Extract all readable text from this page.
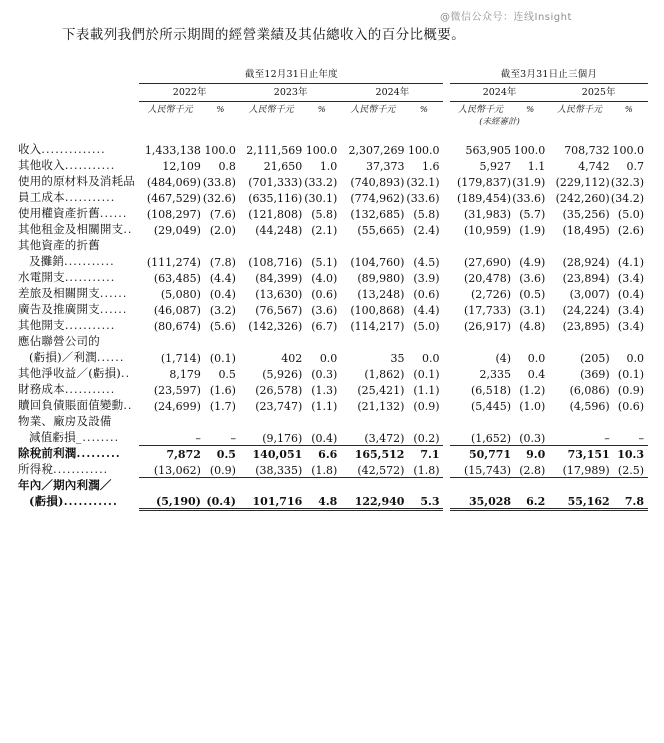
@微信公众号：连线Insight
下表載列我們於所示期間的經營業績及其佔總收入的百分比概要。
	截至12月31日止年度							截至3月31日止三個月			

	2022年		2023年		2024年			2024年		2025年	

	人民幣千元	%	人民幣千元	%	人民幣千元	%		人民幣千元	%	人民幣千元	%
								(未經審計)			

收入..............	1,433,138	100.0	2,111,569	100.0	2,307,269	100.0		563,905	100.0	708,732	100.0
其他收入...........	12,109	0.8	21,650	1.0	37,373	1.6		5,927	1.1	4,742	0.7
使用的原材料及消耗品	(484,069)	(33.8)	(701,333)	(33.2)	(740,893)	(32.1)		(179,837)	(31.9)	(229,112)	(32.3)
員工成本...........	(467,529)	(32.6)	(635,116)	(30.1)	(774,962)	(33.6)		(189,454)	(33.6)	(242,260)	(34.2)
使用權資產折舊......	(108,297)	(7.6)	(121,808)	(5.8)	(132,685)	(5.8)		(31,983)	(5.7)	(35,256)	(5.0)
其他租金及相關開支..	(29,049)	(2.0)	(44,248)	(2.1)	(55,665)	(2.4)		(10,959)	(1.9)	(18,495)	(2.6)
其他資產的折舊											
及攤銷...........	(111,274)	(7.8)	(108,716)	(5.1)	(104,760)	(4.5)		(27,690)	(4.9)	(28,924)	(4.1)
水電開支...........	(63,485)	(4.4)	(84,399)	(4.0)	(89,980)	(3.9)		(20,478)	(3.6)	(23,894)	(3.4)
差旅及相關開支......	(5,080)	(0.4)	(13,630)	(0.6)	(13,248)	(0.6)		(2,726)	(0.5)	(3,007)	(0.4)
廣告及推廣開支......	(46,087)	(3.2)	(76,567)	(3.6)	(100,868)	(4.4)		(17,733)	(3.1)	(24,224)	(3.4)
其他開支...........	(80,674)	(5.6)	(142,326)	(6.7)	(114,217)	(5.0)		(26,917)	(4.8)	(23,895)	(3.4)
應佔聯營公司的											
(虧損)／利潤......	(1,714)	(0.1)	402	0.0	35	0.0		(4)	0.0	(205)	0.0
其他淨收益／(虧損)..	8,179	0.5	(5,926)	(0.3)	(1,862)	(0.1)		2,335	0.4	(369)	(0.1)
財務成本...........	(23,597)	(1.6)	(26,578)	(1.3)	(25,421)	(1.1)		(6,518)	(1.2)	(6,086)	(0.9)
贖回負債賬面值變動..	(24,699)	(1.7)	(23,747)	(1.1)	(21,132)	(0.9)		(5,445)	(1.0)	(4,596)	(0.6)
物業、廠房及設備											
減值虧損_........	–	–	(9,176)	(0.4)	(3,472)	(0.2)		(1,652)	(0.3)	–	–
除稅前利潤.........	7,872	0.5	140,051	6.6	165,512	7.1		50,771	9.0	73,151	10.3
所得稅............	(13,062)	(0.9)	(38,335)	(1.8)	(42,572)	(1.8)		(15,743)	(2.8)	(17,989)	(2.5)
年內／期內利潤／											
(虧損)...........	(5,190)	(0.4)	101,716	4.8	122,940	5.3		35,028	6.2	55,162	7.8
